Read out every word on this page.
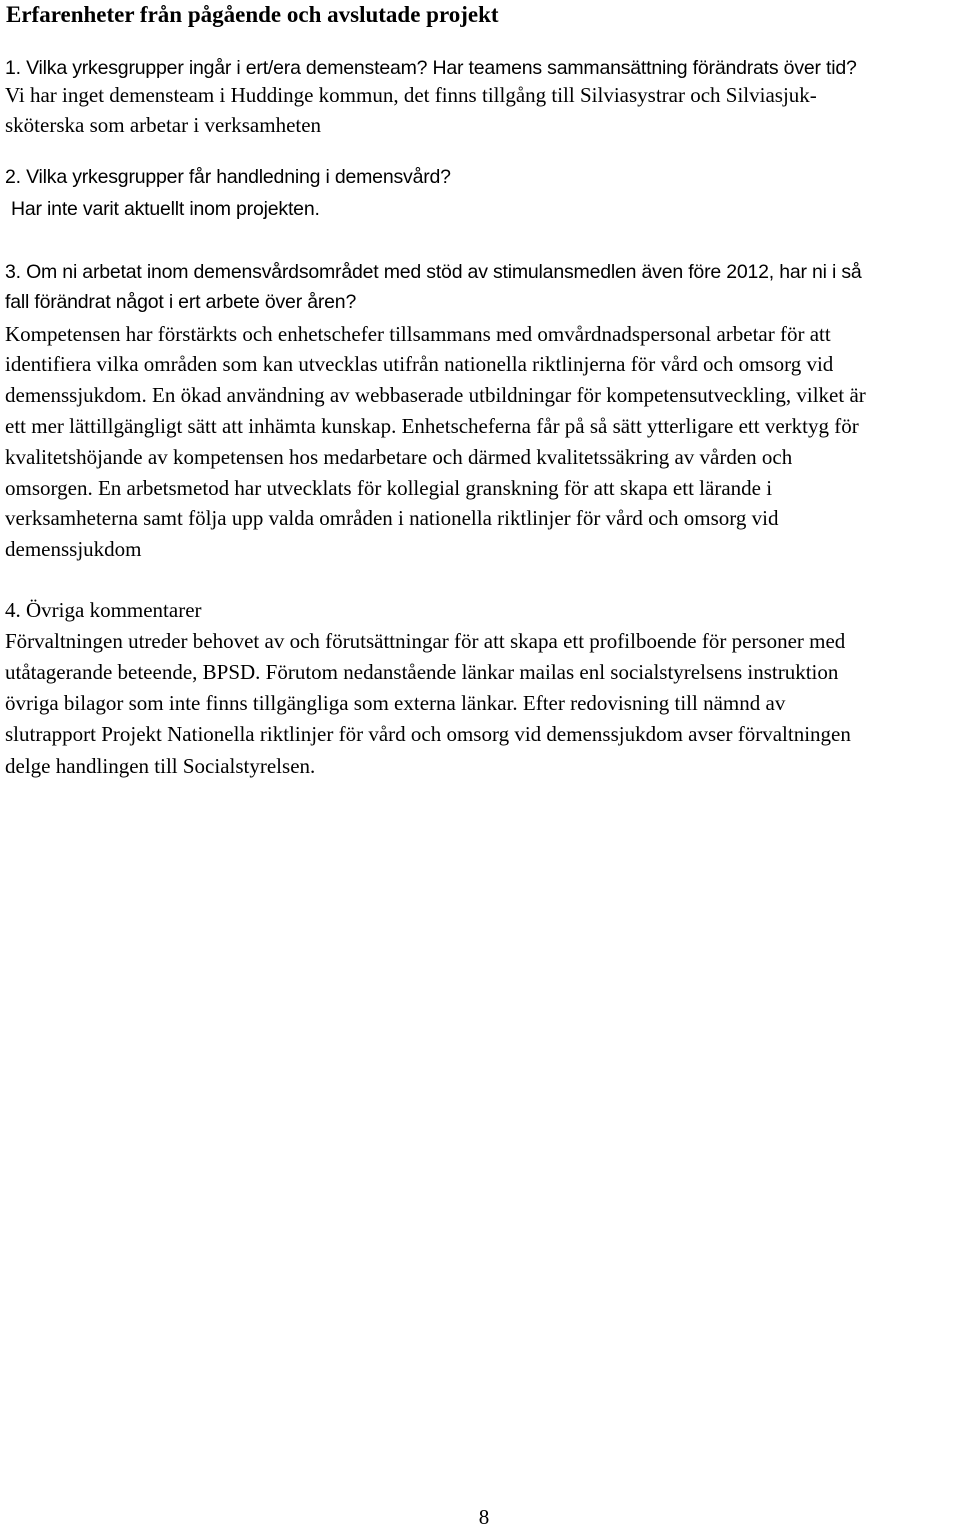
Erfarenheter från pågående och avslutade projekt
1. Vilka yrkesgrupper ingår i ert/era demensteam? Har teamens sammansättning förändrats över tid?
Vi har inget demensteam i Huddinge kommun, det finns tillgång till Silviasystrar och Silviasjuk-
sköterska som arbetar i verksamheten
2. Vilka yrkesgrupper får handledning i demensvård?
Har inte varit aktuellt inom projekten.
3. Om ni arbetat inom demensvårdsområdet med stöd av stimulansmedlen även före 2012, har ni i så
fall förändrat något i ert arbete över åren?
Kompetensen har förstärkts och enhetschefer tillsammans med omvårdnadspersonal arbetar för att
identifiera vilka områden som kan utvecklas utifrån nationella riktlinjerna för vård och omsorg vid
demenssjukdom. En ökad användning av webbaserade utbildningar för kompetensutveckling, vilket är
ett mer lättillgängligt sätt att inhämta kunskap. Enhetscheferna får på så sätt ytterligare ett verktyg för
kvalitetshöjande av kompetensen hos medarbetare och därmed kvalitetssäkring av vården och
omsorgen. En arbetsmetod har utvecklats för kollegial granskning för att skapa ett lärande i
verksamheterna samt följa upp valda områden i nationella riktlinjer för vård och omsorg vid
demenssjukdom
4. Övriga kommentarer
Förvaltningen utreder behovet av och förutsättningar för att skapa ett profilboende för personer med
utåtagerande beteende, BPSD. Förutom nedanstående länkar mailas enl socialstyrelsens instruktion
övriga bilagor som inte finns tillgängliga som externa länkar. Efter redovisning till nämnd av
slutrapport Projekt Nationella riktlinjer för vård och omsorg vid demenssjukdom avser förvaltningen
delge handlingen till Socialstyrelsen.
8
